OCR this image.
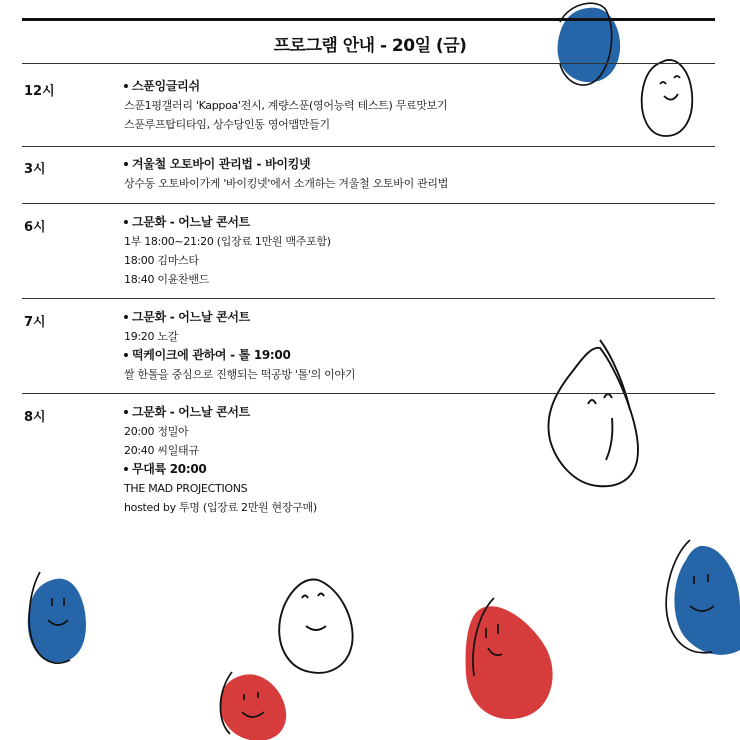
프로그램 안내 - 20일 (금)
12시	스푼잉글리쉬
스푼1평갤러리 'Kappoa'전시, 계량스푼(영어능력 테스트) 무료맛보기
스푼루프탑티타임, 상수당인동 영어맵만들기
3시	겨울철 오토바이 관리법 - 바이킹넷
상수동 오토바이가게 '바이킹넷'에서 소개하는 겨울철 오토바이 관리법
6시	그문화 - 어느날 콘서트
1부 18:00~21:20 (입장료 1만원 맥주포함)
18:00 김마스타
18:40 이윤찬밴드
7시	그문화 - 어느날 콘서트
19:20 노갈
떡케이크에 관하여 - 톨 19:00
쌀 한톨을 중심으로 진행되는 떡공방 '톨'의 이야기
8시	그문화 - 어느날 콘서트
20:00 정밀아
20:40 씨일태규
무대륙 20:00
THE MAD PROJECTIONS
hosted by 투명 (입장료 2만원 현장구매)
